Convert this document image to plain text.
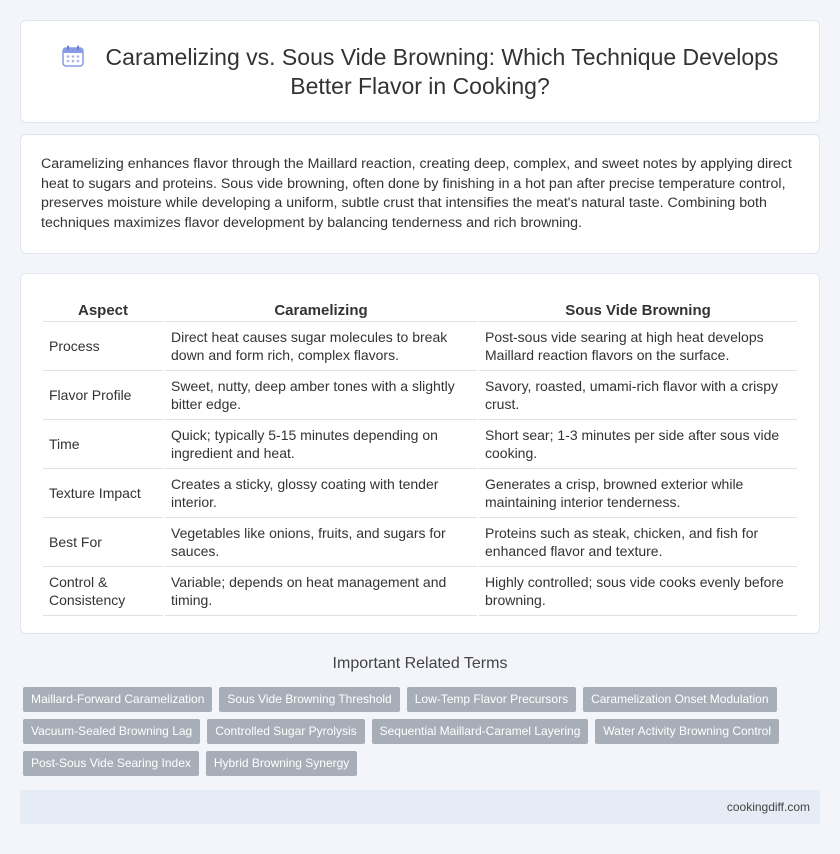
Caramelizing vs. Sous Vide Browning: Which Technique Develops Better Flavor in Cooking?

Caramelizing enhances flavor through the Maillard reaction, creating deep, complex, and sweet notes by applying direct heat to sugars and proteins. Sous vide browning, often done by finishing in a hot pan after precise temperature control, preserves moisture while developing a uniform, subtle crust that intensifies the meat's natural taste. Combining both techniques maximizes flavor development by balancing tenderness and rich browning.

Aspect	Caramelizing	Sous Vide Browning
Process	Direct heat causes sugar molecules to break down and form rich, complex flavors.	Post-sous vide searing at high heat develops Maillard reaction flavors on the surface.
Flavor Profile	Sweet, nutty, deep amber tones with a slightly bitter edge.	Savory, roasted, umami-rich flavor with a crispy crust.
Time	Quick; typically 5-15 minutes depending on ingredient and heat.	Short sear; 1-3 minutes per side after sous vide cooking.
Texture Impact	Creates a sticky, glossy coating with tender interior.	Generates a crisp, browned exterior while maintaining interior tenderness.
Best For	Vegetables like onions, fruits, and sugars for sauces.	Proteins such as steak, chicken, and fish for enhanced flavor and texture.
Control & Consistency	Variable; depends on heat management and timing.	Highly controlled; sous vide cooks evenly before browning.
Important Related Terms
Maillard-Forward Caramelization	Sous Vide Browning Threshold	Low-Temp Flavor Precursors	Caramelization Onset Modulation
Vacuum-Sealed Browning Lag	Controlled Sugar Pyrolysis	Sequential Maillard-Caramel Layering	Water Activity Browning Control
Post-Sous Vide Searing Index	Hybrid Browning Synergy
cookingdiff.com
